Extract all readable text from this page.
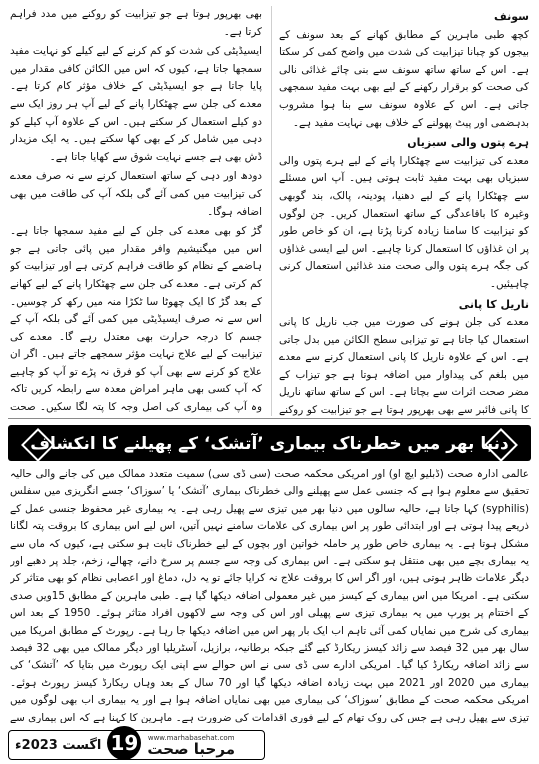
سونف

کچھ طبی ماہرین کے مطابق کھانے کے بعد سونف کے بیجوں کو چبانا تیزابیت کی شدت میں واضح کمی کر سکتا ہے۔ اس کے ساتھ ساتھ سونف سے بنی چائے غذائی نالی کی صحت کو برقرار رکھنے کے لیے بھی بہت مفید سمجھی جاتی ہے۔ اس کے علاوہ سونف سے بنا ہوا مشروب بدہضمی اور پیٹ پھولنے کے خلاف بھی نہایت مفید ہے۔

ہرے پتوں والی سبزیاں

معدے کی تیزابیت سے چھٹکارا پانے کے لیے ہرے پتوں والی سبزیاں بھی بہت مفید ثابت ہوتی ہیں۔ آپ اس مسئلے سے چھٹکارا پانے کے لیے دھنیا، پودینہ، پالک، بند گوبھی وغیرہ کا باقاعدگی کے ساتھ استعمال کریں۔ جن لوگوں کو تیزابیت کا سامنا زیادہ کرنا پڑتا ہے، ان کو خاص طور پر ان غذاؤں کا استعمال کرنا چاہیے۔ اس لیے ایسی غذاؤں کی جگہ ہرے پتوں والی صحت مند غذائیں استعمال کرنی چاہیئیں۔

ناریل کا پانی

معدے کی جلن ہونے کی صورت میں جب ناریل کا پانی استعمال کیا جاتا ہے تو تیزابی سطح الکائن میں بدل جاتی ہے۔ اس کے علاوہ ناریل کا پانی استعمال کرنے سے معدے میں بلغم کی پیداوار میں اضافہ ہوتا ہے جو تیزاب کے مضر صحت اثرات سے بچاتا ہے۔ اس کے ساتھ ساتھ ناریل کا پانی فائبر سے بھی بھرپور ہوتا ہے جو تیزابیت کو روکنے

بھی بھرپور ہوتا ہے جو تیزابیت کو روکنے میں مدد فراہم کرتا ہے۔

ایسیڈیٹی کی شدت کو کم کرنے کے لیے کیلے کو نہایت مفید سمجھا جاتا ہے، کیوں کہ اس میں الکائن کافی مقدار میں پایا جاتا ہے جو ایسیڈیٹی کے خلاف مؤثر کام کرتا ہے۔ معدے کی جلن سے چھٹکارا پانے کے لیے آپ ہر روز ایک سے دو کیلے استعمال کر سکتے ہیں۔ اس کے علاوہ آپ کیلے کو دہی میں شامل کر کے بھی کھا سکتے ہیں۔ یہ ایک مزیدار ڈش بھی ہے جسے نہایت شوق سے کھایا جاتا ہے۔

دودھ اور دہی کے ساتھ استعمال کرنے سے نہ صرف معدے کی تیزابیت میں کمی آئے گی بلکہ آپ کی طاقت میں بھی اضافہ ہوگا۔

گڑ کو بھی معدے کی جلن کے لیے مفید سمجھا جاتا ہے۔ اس میں میگنیشیم وافر مقدار میں پائی جاتی ہے جو ہاضمے کے نظام کو طاقت فراہم کرتی ہے اور تیزابیت کو کم کرتی ہے۔ معدے کی جلن سے چھٹکارا پانے کے لیے کھانے کے بعد گڑ کا ایک چھوٹا سا ٹکڑا منہ میں رکھ کر چوسیں۔ اس سے نہ صرف ایسیڈیٹی میں کمی آئے گی بلکہ آپ کے جسم کا درجہ حرارت بھی معتدل رہے گا۔ معدے کی تیزابیت کے لیے علاج نہایت مؤثر سمجھے جاتے ہیں۔ اگر ان علاج کو کرنے سے بھی آپ کو فرق نہ پڑے تو آپ کو چاہیے کہ آپ کسی بھی ماہر امراض معدہ سے رابطہ کریں تاکہ وہ آپ کی بیماری کی اصل وجہ کا پتہ لگا سکیں۔ صحت

دنیا بھر میں خطرناک بیماری ’آتشک‘ کے پھیلنے کا انکشاف

عالمی ادارہ صحت (ڈبلیو ایچ او) اور امریکی محکمہ صحت (سی ڈی سی) سمیت متعدد ممالک میں کی جانے والی حالیہ تحقیق سے معلوم ہوا ہے کہ جنسی عمل سے پھیلنے والی خطرناک بیماری ’آتشک‘ یا ’سوزاک‘ جسے انگریزی میں سفلس (syphilis) کہا جاتا ہے، حالیہ سالوں میں دنیا بھر میں تیزی سے پھیل رہی ہے۔ یہ بیماری غیر محفوظ جنسی عمل کے ذریعے پیدا ہوتی ہے اور ابتدائی طور پر اس بیماری کی علامات سامنے نہیں آتیں، اس لیے اس بیماری کا بروقت پتہ لگانا مشکل ہوتا ہے۔ یہ بیماری خاص طور پر حاملہ خواتین اور بچوں کے لیے خطرناک ثابت ہو سکتی ہے، کیوں کہ ماں سے یہ بیماری بچے میں بھی منتقل ہو سکتی ہے۔ اس بیماری کی وجہ سے جسم پر سرخ دانے، چھالے، زخم، جلد پر دھبے اور دیگر علامات ظاہر ہوتی ہیں، اور اگر اس کا بروقت علاج نہ کرایا جائے تو یہ دل، دماغ اور اعصابی نظام کو بھی متاثر کر سکتی ہے۔ امریکا میں اس بیماری کے کیسز میں غیر معمولی اضافہ دیکھا گیا ہے۔ طبی ماہرین کے مطابق 15ویں صدی کے اختتام پر یورپ میں یہ بیماری تیزی سے پھیلی اور اس کی وجہ سے لاکھوں افراد متاثر ہوئے۔ 1950 کے بعد اس بیماری کی شرح میں نمایاں کمی آئی تاہم اب ایک بار پھر اس میں اضافہ دیکھا جا رہا ہے۔ رپورٹ کے مطابق امریکا میں سال بھر میں 32 فیصد سے زائد کیسز ریکارڈ کیے گئے جبکہ برطانیہ، برازیل، آسٹریلیا اور دیگر ممالک میں بھی 32 فیصد سے زائد اضافہ ریکارڈ کیا گیا۔ امریکی ادارے سی ڈی سی نے اس حوالے سے اپنی ایک رپورٹ میں بتایا کہ ’آتشک‘ کی بیماری میں 2020 اور 2021 میں بہت زیادہ اضافہ دیکھا گیا اور 70 سال کے بعد وہاں ریکارڈ کیسز رپورٹ ہوئے۔ امریکی محکمہ صحت کے مطابق ’سوزاک‘ کی بیماری میں بھی نمایاں اضافہ ہوا ہے اور یہ بیماری اب بھی لوگوں میں تیزی سے پھیل رہی ہے جس کی روک تھام کے لیے فوری اقدامات کی ضرورت ہے۔ ماہرین کا کہنا ہے کہ اس بیماری سے

اگست 2023ء 19	www.marhabasehat.com
مرحبا صحت
